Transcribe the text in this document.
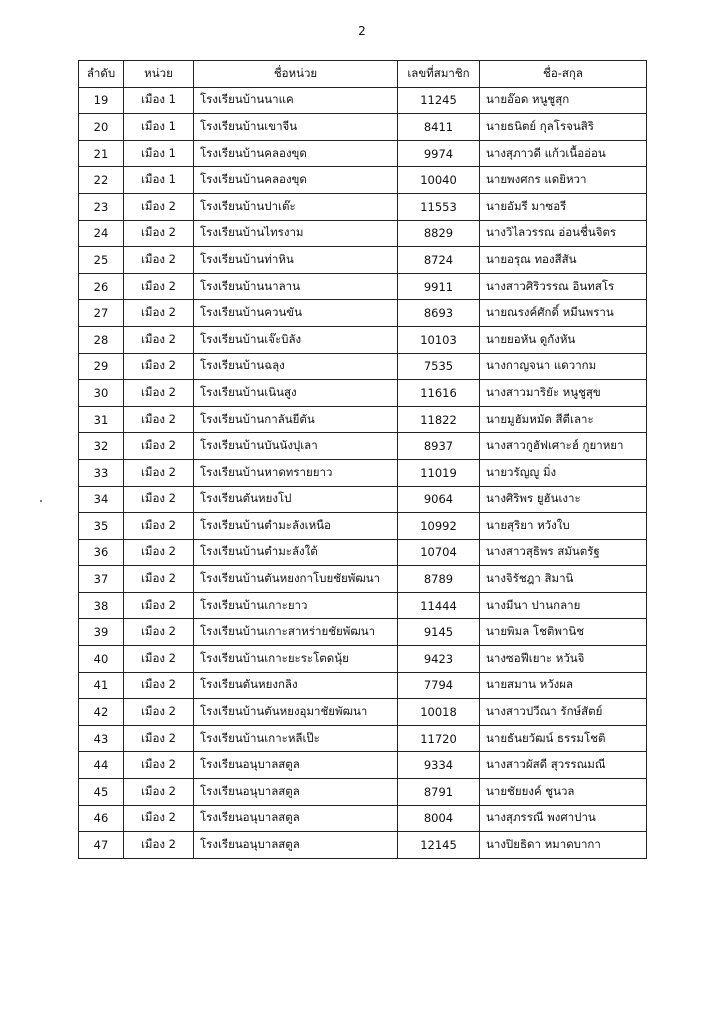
2
ลำดับ	หน่วย	ชื่อหน่วย	เลขที่สมาชิก	ชื่อ-สกุล
19	เมือง 1	โรงเรียนบ้านนาแค	11245	นายอ๊อด หนูชูสุก
20	เมือง 1	โรงเรียนบ้านเขาจีน	8411	นายธนิตย์ กุลโรจนสิริ
21	เมือง 1	โรงเรียนบ้านคลองขุด	9974	นางสุภาวดี แก้วเนื้ออ่อน
22	เมือง 1	โรงเรียนบ้านคลองขุด	10040	นายพงศกร แดยิหวา
23	เมือง 2	โรงเรียนบ้านปาเต๊ะ	11553	นายอัมรี มาซอรี
24	เมือง 2	โรงเรียนบ้านไทรงาม	8829	นางวิไลวรรณ อ่อนชื่นจิตร
25	เมือง 2	โรงเรียนบ้านท่าหิน	8724	นายอรุณ ทองสีสัน
26	เมือง 2	โรงเรียนบ้านนาลาน	9911	นางสาวศิริวรรณ อินทสโร
27	เมือง 2	โรงเรียนบ้านควนขัน	8693	นายณรงค์ศักดิ์ หมีนพราน
28	เมือง 2	โรงเรียนบ้านเจ๊ะบิลัง	10103	นายยอหัน ดูกังหัน
29	เมือง 2	โรงเรียนบ้านฉลุง	7535	นางกาญจนา แดวากม
30	เมือง 2	โรงเรียนบ้านเนินสูง	11616	นางสาวมาริยัะ หนูชูสุข
31	เมือง 2	โรงเรียนบ้านกาลันยีตัน	11822	นายมูฮัมหมัด สีตีเลาะ
32	เมือง 2	โรงเรียนบ้านบันนังปุเลา	8937	นางสาวกูฮัฟเศาะฮ์ กูยาหยา
33	เมือง 2	โรงเรียนบ้านหาดทรายยาว	11019	นายวรัญญู มิ่ง
34	เมือง 2	โรงเรียนตันหยงโป	9064	นางศิริพร ยูฮันเงาะ
35	เมือง 2	โรงเรียนบ้านตำมะลังเหนือ	10992	นายสุริยา หวังใบ
36	เมือง 2	โรงเรียนบ้านตำมะลังใต้	10704	นางสาวสุธิพร สมันตรัฐ
37	เมือง 2	โรงเรียนบ้านตันหยงกาโบยชัยพัฒนา	8789	นางจิรัชฎา สิมานิ
38	เมือง 2	โรงเรียนบ้านเกาะยาว	11444	นางมีนา ปานกลาย
39	เมือง 2	โรงเรียนบ้านเกาะสาหร่ายชัยพัฒนา	9145	นายพิมล โชติพานิช
40	เมือง 2	โรงเรียนบ้านเกาะยะระโตดนุ้ย	9423	นางซอฟีเยาะ หวันจิ
41	เมือง 2	โรงเรียนตันหยงกลิง	7794	นายสมาน หวังผล
42	เมือง 2	โรงเรียนบ้านตันหยงอุมาชัยพัฒนา	10018	นางสาวปวีณา รักษ์สัตย์
43	เมือง 2	โรงเรียนบ้านเกาะหลีเป๊ะ	11720	นายธันยวัฒน์ ธรรมโชติ
44	เมือง 2	โรงเรียนอนุบาลสตูล	9334	นางสาวผัสดี สุวรรณมณี
45	เมือง 2	โรงเรียนอนุบาลสตูล	8791	นายชัยยงค์ ชูนวล
46	เมือง 2	โรงเรียนอนุบาลสตูล	8004	นางสุภรรณี พงศาปาน
47	เมือง 2	โรงเรียนอนุบาลสตูล	12145	นางปิยธิดา หมาดบากา
